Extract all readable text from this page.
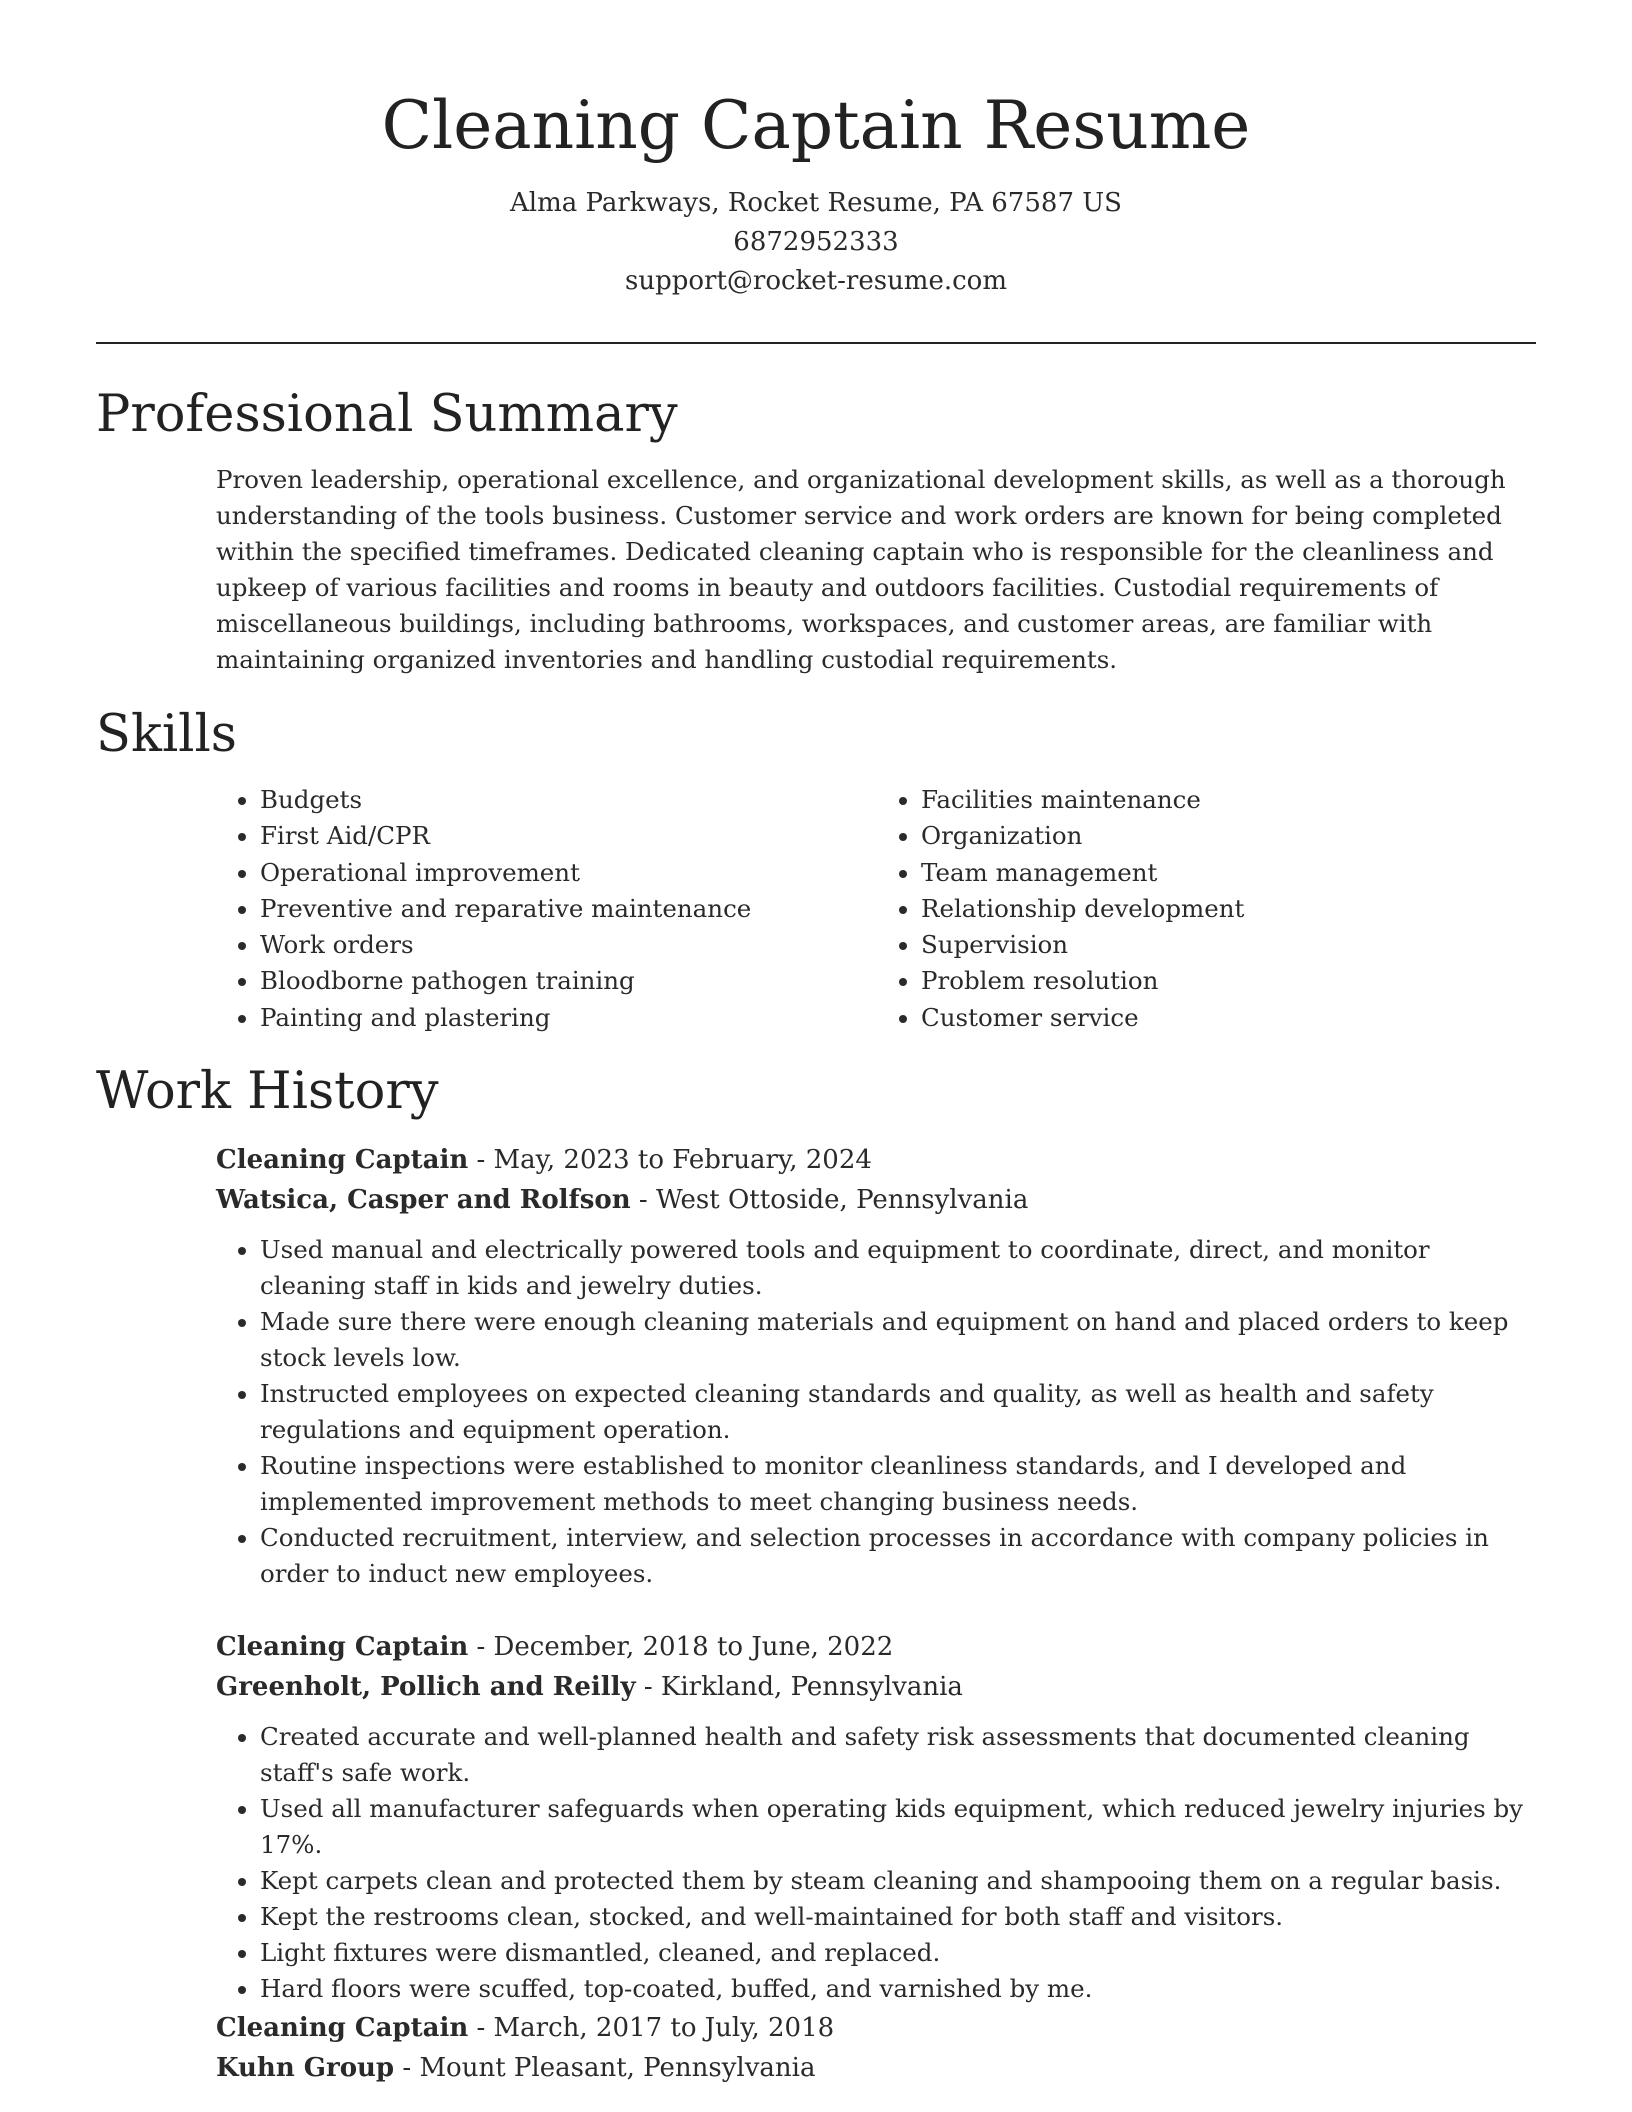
Cleaning Captain Resume
Alma Parkways, Rocket Resume, PA 67587 US
6872952333
support@rocket-resume.com
Professional Summary
Proven leadership, operational excellence, and organizational development skills, as well as a thorough understanding of the tools business. Customer service and work orders are known for being completed within the specified timeframes. Dedicated cleaning captain who is responsible for the cleanliness and upkeep of various facilities and rooms in beauty and outdoors facilities. Custodial requirements of miscellaneous buildings, including bathrooms, workspaces, and customer areas, are familiar with maintaining organized inventories and handling custodial requirements.
Skills
• Budgets
• First Aid/CPR
• Operational improvement
• Preventive and reparative maintenance
• Work orders
• Bloodborne pathogen training
• Painting and plastering
• Facilities maintenance
• Organization
• Team management
• Relationship development
• Supervision
• Problem resolution
• Customer service
Work History
Cleaning Captain - May, 2023 to February, 2024
Watsica, Casper and Rolfson - West Ottoside, Pennsylvania
• Used manual and electrically powered tools and equipment to coordinate, direct, and monitor cleaning staff in kids and jewelry duties.
• Made sure there were enough cleaning materials and equipment on hand and placed orders to keep stock levels low.
• Instructed employees on expected cleaning standards and quality, as well as health and safety regulations and equipment operation.
• Routine inspections were established to monitor cleanliness standards, and I developed and implemented improvement methods to meet changing business needs.
• Conducted recruitment, interview, and selection processes in accordance with company policies in order to induct new employees.
Cleaning Captain - December, 2018 to June, 2022
Greenholt, Pollich and Reilly - Kirkland, Pennsylvania
• Created accurate and well-planned health and safety risk assessments that documented cleaning staff's safe work.
• Used all manufacturer safeguards when operating kids equipment, which reduced jewelry injuries by 17%.
• Kept carpets clean and protected them by steam cleaning and shampooing them on a regular basis.
• Kept the restrooms clean, stocked, and well-maintained for both staff and visitors.
• Light fixtures were dismantled, cleaned, and replaced.
• Hard floors were scuffed, top-coated, buffed, and varnished by me.
Cleaning Captain - March, 2017 to July, 2018
Kuhn Group - Mount Pleasant, Pennsylvania
